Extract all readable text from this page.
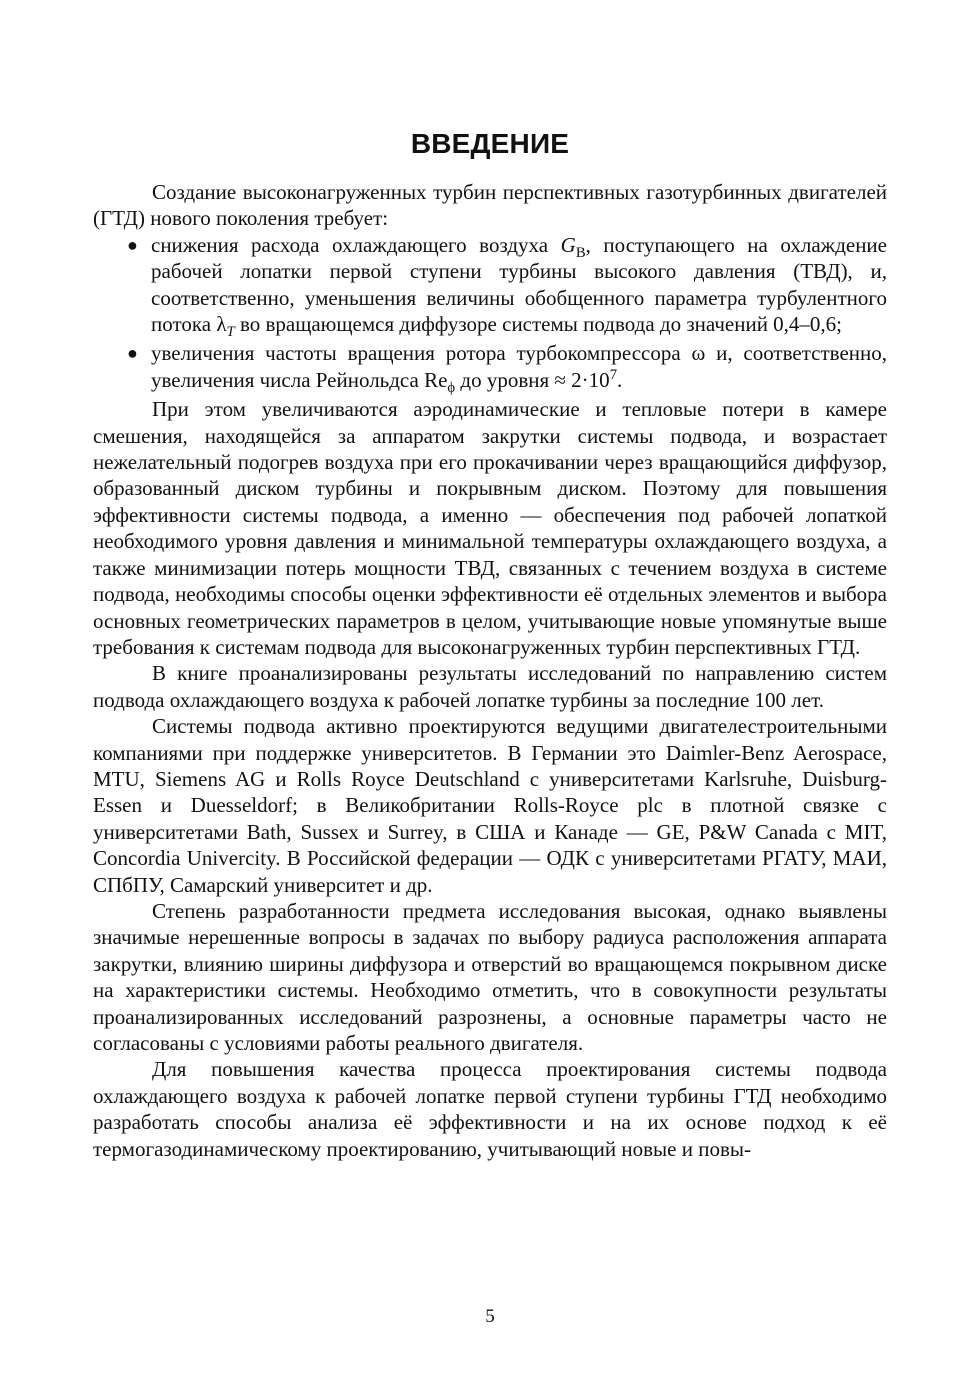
ВВЕДЕНИЕ

Создание высоконагруженных турбин перспективных газотурбинных двигателей (ГТД) нового поколения требует:

● снижения расхода охлаждающего воздуха $G_В$, поступающего на охлаждение рабочей лопатки первой ступени турбины высокого давления (ТВД), и, соответственно, уменьшения величины обобщенного параметра турбулентного потока $\lambda_T$ во вращающемся диффузоре системы подвода до значений 0,4–0,6;
● увеличения частоты вращения ротора турбокомпрессора ω и, соответственно, увеличения числа Рейнольдса $Re_\phi$ до уровня ≈ $2\cdot 10^7$.

При этом увеличиваются аэродинамические и тепловые потери в камере смешения, находящейся за аппаратом закрутки системы подвода, и возрастает нежелательный подогрев воздуха при его прокачивании через вращающийся диффузор, образованный диском турбины и покрывным диском. Поэтому для повышения эффективности системы подвода, а именно — обеспечения под рабочей лопаткой необходимого уровня давления и минимальной температуры охлаждающего воздуха, а также минимизации потерь мощности ТВД, связанных с течением воздуха в системе подвода, необходимы способы оценки эффективности её отдельных элементов и выбора основных геометрических параметров в целом, учитывающие новые упомянутые выше требования к системам подвода для высоконагруженных турбин перспективных ГТД.

В книге проанализированы результаты исследований по направлению систем подвода охлаждающего воздуха к рабочей лопатке турбины за последние 100 лет.

Системы подвода активно проектируются ведущими двигателестроительными компаниями при поддержке университетов. В Германии это Daimler-Benz Aerospace, MTU, Siemens AG и Rolls Royce Deutschland с университетами Karlsruhe, Duisburg-Essen и Duesseldorf; в Великобритании Rolls-Royce plc в плотной связке с университетами Bath, Sussex и Surrey, в США и Канаде — GE, P&W Canada с MIT, Concordia Univercity. В Российской федерации — ОДК с университетами РГАТУ, МАИ, СПбПУ, Самарский университет и др.

Степень разработанности предмета исследования высокая, однако выявлены значимые нерешенные вопросы в задачах по выбору радиуса расположения аппарата закрутки, влиянию ширины диффузора и отверстий во вращающемся покрывном диске на характеристики системы. Необходимо отметить, что в совокупности результаты проанализированных исследований разрознены, а основные параметры часто не согласованы с условиями работы реального двигателя.

Для повышения качества процесса проектирования системы подвода охлаждающего воздуха к рабочей лопатке первой ступени турбины ГТД необходимо разработать способы анализа её эффективности и на их основе подход к её термогазодинамическому проектированию, учитывающий новые и повы-

5
